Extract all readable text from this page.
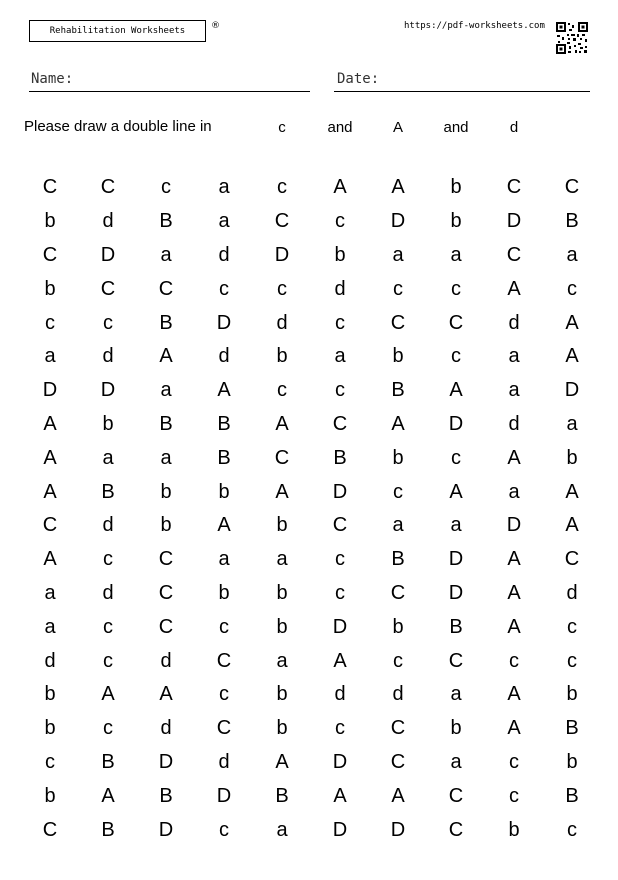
Rehabilitation Worksheets	®	https://pdf-worksheets.com
Name:	Date:
Please draw a double line in	c	and	A	and	d
C	C	c	a	c	A	A	b	C	C
b	d	B	a	C	c	D	b	D	B
C	D	a	d	D	b	a	a	C	a
b	C	C	c	c	d	c	c	A	c
c	c	B	D	d	c	C	C	d	A
a	d	A	d	b	a	b	c	a	A
D	D	a	A	c	c	B	A	a	D
A	b	B	B	A	C	A	D	d	a
A	a	a	B	C	B	b	c	A	b
A	B	b	b	A	D	c	A	a	A
C	d	b	A	b	C	a	a	D	A
A	c	C	a	a	c	B	D	A	C
a	d	C	b	b	c	C	D	A	d
a	c	C	c	b	D	b	B	A	c
d	c	d	C	a	A	c	C	c	c
b	A	A	c	b	d	d	a	A	b
b	c	d	C	b	c	C	b	A	B
c	B	D	d	A	D	C	a	c	b
b	A	B	D	B	A	A	C	c	B
C	B	D	c	a	D	D	C	b	c
